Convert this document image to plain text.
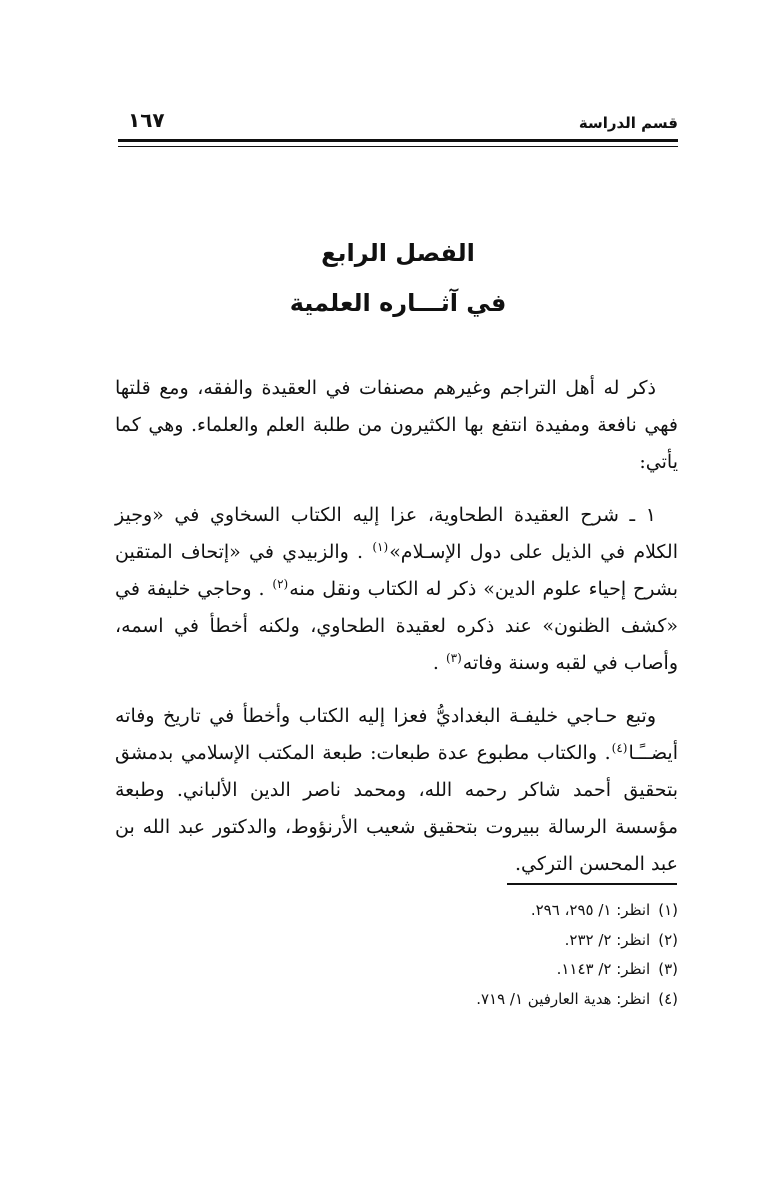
قسم الدراسة
١٦٧
الفصل الرابع
في آثـــاره العلمية

ذكر له أهل التراجم وغيرهم مصنفات في العقيدة والفقه، ومع قلتها فهي نافعة ومفيدة انتفع بها الكثيرون من طلبة العلم والعلماء. وهي كما يأتي:

١ ـ شرح العقيدة الطحاوية، عزا إليه الكتاب السخاوي في «وجيز الكلام في الذيل على دول الإسـلام»$^{(١)}$ . والزبيدي في «إتحاف المتقين بشرح إحياء علوم الدين» ذكر له الكتاب ونقل منه$^{(٢)}$ . وحاجي خليفة في «كشف الظنون» عند ذكره لعقيدة الطحاوي، ولكنه أخطأ في اسمه، وأصاب في لقبه وسنة وفاته$^{(٣)}$ .

وتبع حـاجي خليفـة البغداديُّ فعزا إليه الكتاب وأخطأ في تاريخ وفاته أيضــًـا$^{(٤)}$. والكتاب مطبوع عدة طبعات: طبعة المكتب الإسلامي بدمشق بتحقيق أحمد شاكر رحمه الله، ومحمد ناصر الدين الألباني. وطبعة مؤسسة الرسالة ببيروت بتحقيق شعيب الأرنؤوط، والدكتور عبد الله بن عبد المحسن التركي.

(١)انظر: ١/ ٢٩٥، ٢٩٦.
(٢)انظر: ٢/ ٢٣٢.
(٣)انظر: ٢/ ١١٤٣.
(٤)انظر: هدية العارفين ١/ ٧١٩.
